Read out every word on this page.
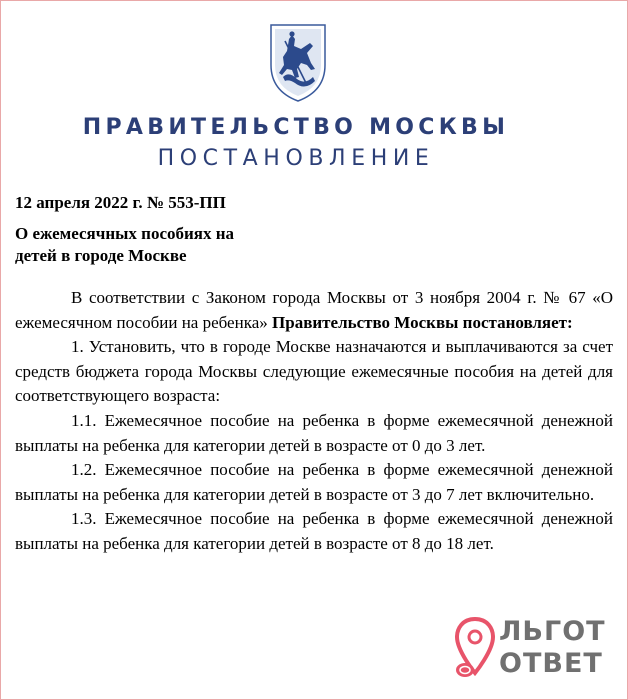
ПРАВИТЕЛЬСТВО МОСКВЫ
ПОСТАНОВЛЕНИЕ
12 апреля 2022 г. № 553-ПП
О ежемесячных пособиях на
детей в городе Москве

В соответствии с Законом города Москвы от 3 ноября 2004 г. № 67 «О ежемесячном пособии на ребенка» Правительство Москвы постановляет:

1. Установить, что в городе Москве назначаются и выплачиваются за счет средств бюджета города Москвы следующие ежемесячные пособия на детей для соответствующего возраста:

1.1. Ежемесячное пособие на ребенка в форме ежемесячной денежной выплаты на ребенка для категории детей в возрасте от 0 до 3 лет.

1.2. Ежемесячное пособие на ребенка в форме ежемесячной денежной выплаты на ребенка для категории детей в возрасте от 3 до 7 лет включительно.

1.3. Ежемесячное пособие на ребенка в форме ежемесячной денежной выплаты на ребенка для категории детей в возрасте от 8 до 18 лет.

ЛЬГОТ
ОТВЕТ
